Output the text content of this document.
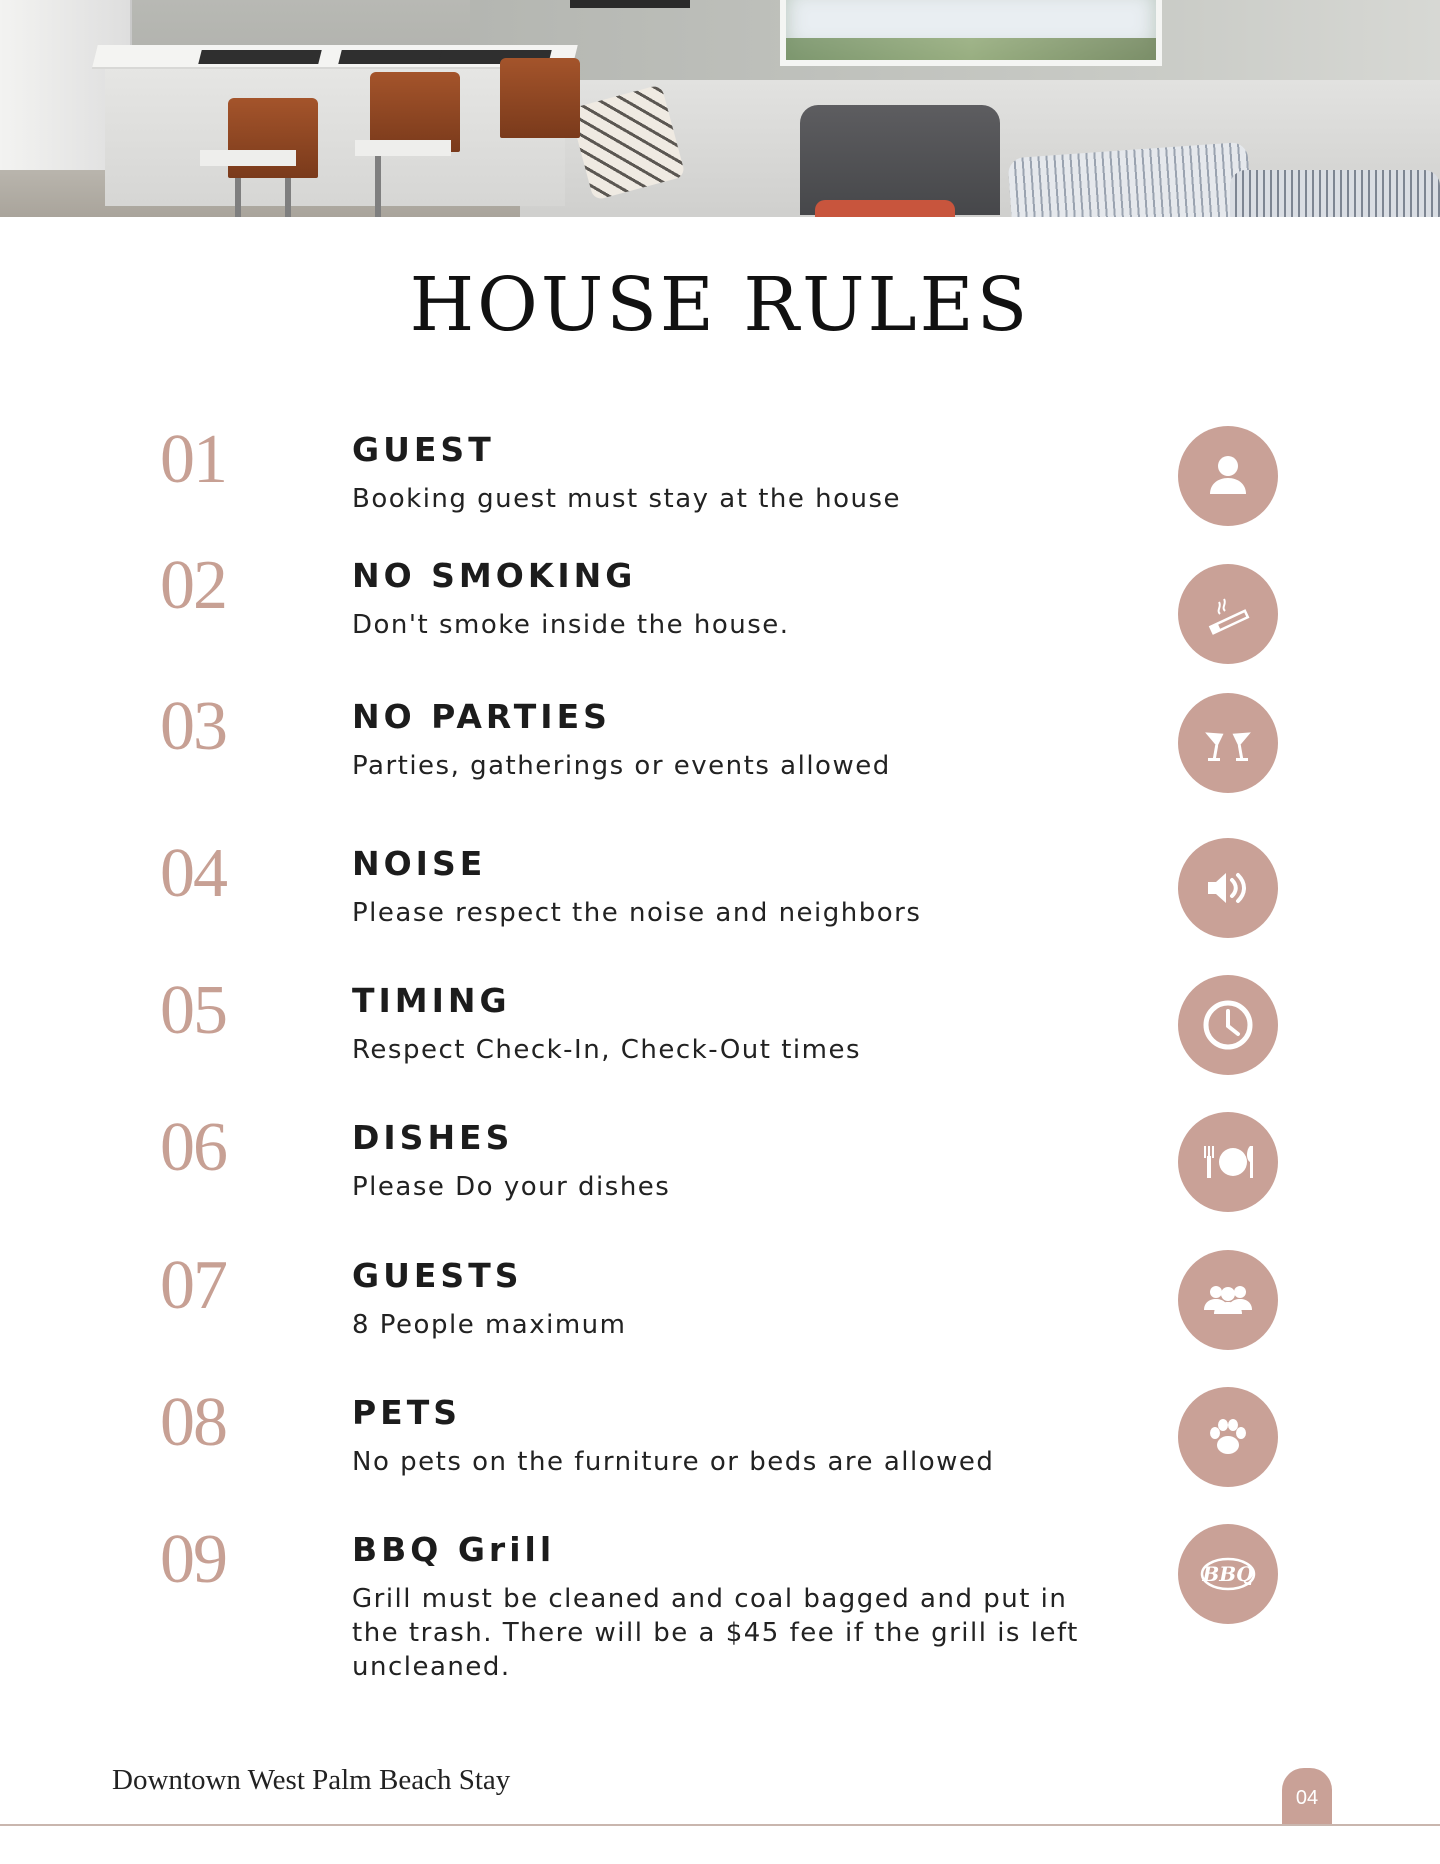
HOUSE RULES
01	GUEST
Booking guest must stay at the house
02	NO SMOKING
Don't smoke inside the house.
03	NO PARTIES
Parties, gatherings or events allowed
04	NOISE
Please respect the noise and neighbors
05	TIMING
Respect Check-In, Check-Out times
06	DISHES
Please Do your dishes
07	GUESTS
8 People maximum
08	PETS
No pets on the furniture or beds are allowed
09	BBQ Grill
Grill must be cleaned and coal bagged and put in the trash. There will be a $45 fee if the grill is left uncleaned.
BBQ
Downtown West Palm Beach Stay
04
